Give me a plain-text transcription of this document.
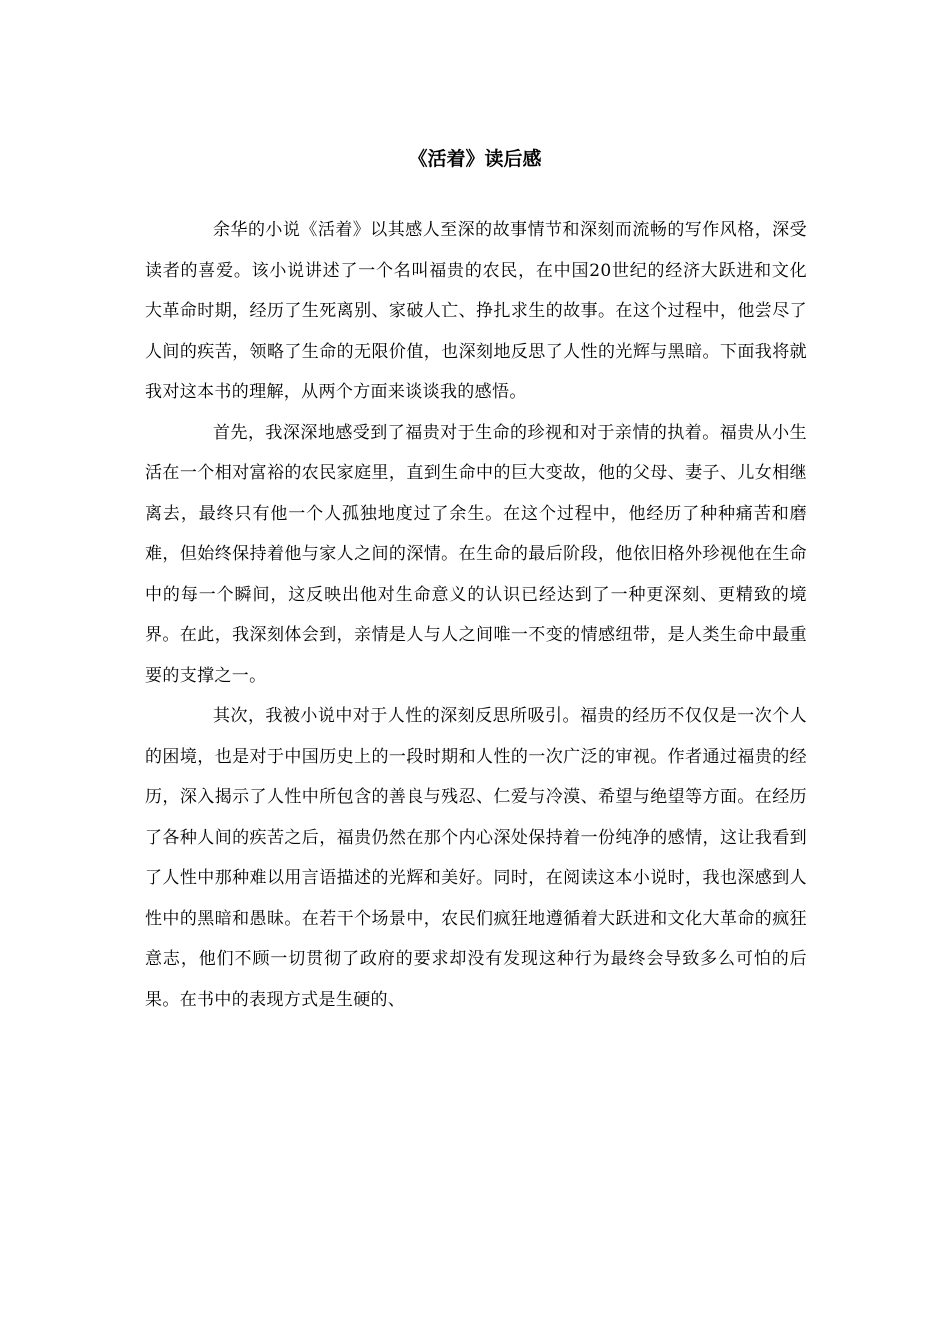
《活着》读后感

余华的小说《活着》以其感人至深的故事情节和深刻而流畅的写作风格，深受读者的喜爱。该小说讲述了一个名叫福贵的农民，在中国20世纪的经济大跃进和文化大革命时期，经历了生死离别、家破人亡、挣扎求生的故事。在这个过程中，他尝尽了人间的疾苦，领略了生命的无限价值，也深刻地反思了人性的光辉与黑暗。下面我将就我对这本书的理解，从两个方面来谈谈我的感悟。

首先，我深深地感受到了福贵对于生命的珍视和对于亲情的执着。福贵从小生活在一个相对富裕的农民家庭里，直到生命中的巨大变故，他的父母、妻子、儿女相继离去，最终只有他一个人孤独地度过了余生。在这个过程中，他经历了种种痛苦和磨难，但始终保持着他与家人之间的深情。在生命的最后阶段，他依旧格外珍视他在生命中的每一个瞬间，这反映出他对生命意义的认识已经达到了一种更深刻、更精致的境界。在此，我深刻体会到，亲情是人与人之间唯一不变的情感纽带，是人类生命中最重要的支撑之一。

其次，我被小说中对于人性的深刻反思所吸引。福贵的经历不仅仅是一次个人的困境，也是对于中国历史上的一段时期和人性的一次广泛的审视。作者通过福贵的经历，深入揭示了人性中所包含的善良与残忍、仁爱与冷漠、希望与绝望等方面。在经历了各种人间的疾苦之后，福贵仍然在那个内心深处保持着一份纯净的感情，这让我看到了人性中那种难以用言语描述的光辉和美好。同时，在阅读这本小说时，我也深感到人性中的黑暗和愚昧。在若干个场景中，农民们疯狂地遵循着大跃进和文化大革命的疯狂意志，他们不顾一切贯彻了政府的要求却没有发现这种行为最终会导致多么可怕的后果。在书中的表现方式是生硬的、
